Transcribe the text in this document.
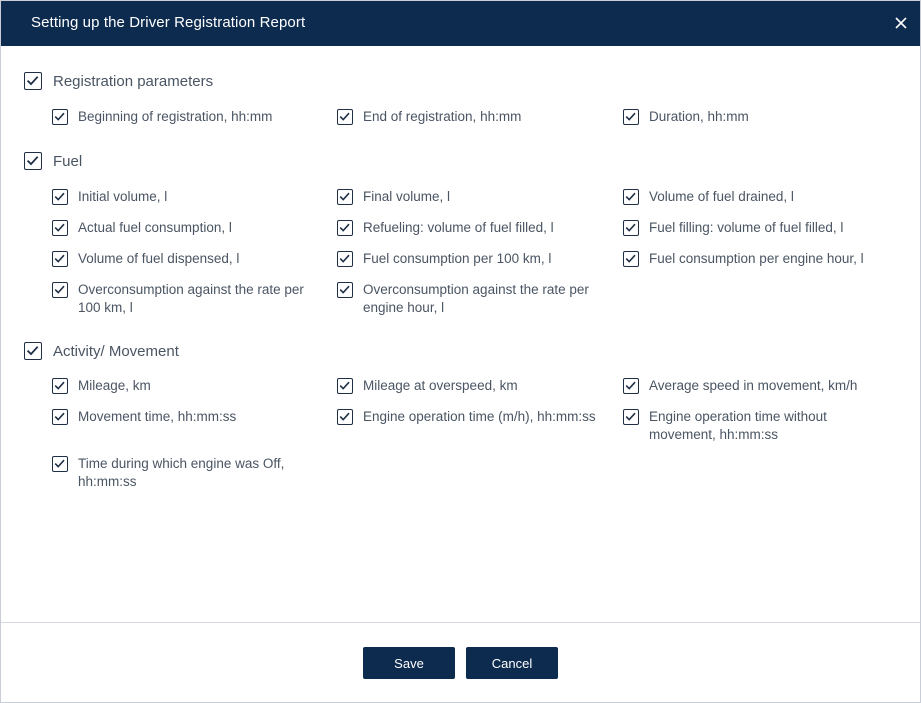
Setting up the Driver Registration Report
Registration parameters
Beginning of registration, hh:mm	End of registration, hh:mm	Duration, hh:mm
Fuel
Initial volume, l	Final volume, l	Volume of fuel drained, l
Actual fuel consumption, l	Refueling: volume of fuel filled, l	Fuel filling: volume of fuel filled, l
Volume of fuel dispensed, l	Fuel consumption per 100 km, l	Fuel consumption per engine hour, l
Overconsumption against the rate per 100 km, l
Overconsumption against the rate per engine hour, l
Activity/ Movement
Mileage, km	Mileage at overspeed, km	Average speed in movement, km/h
Movement time, hh:mm:ss	Engine operation time (m/h), hh:mm:ss	Engine operation time without movement, hh:mm:ss
Time during which engine was Off, hh:mm:ss
Save	Cancel
